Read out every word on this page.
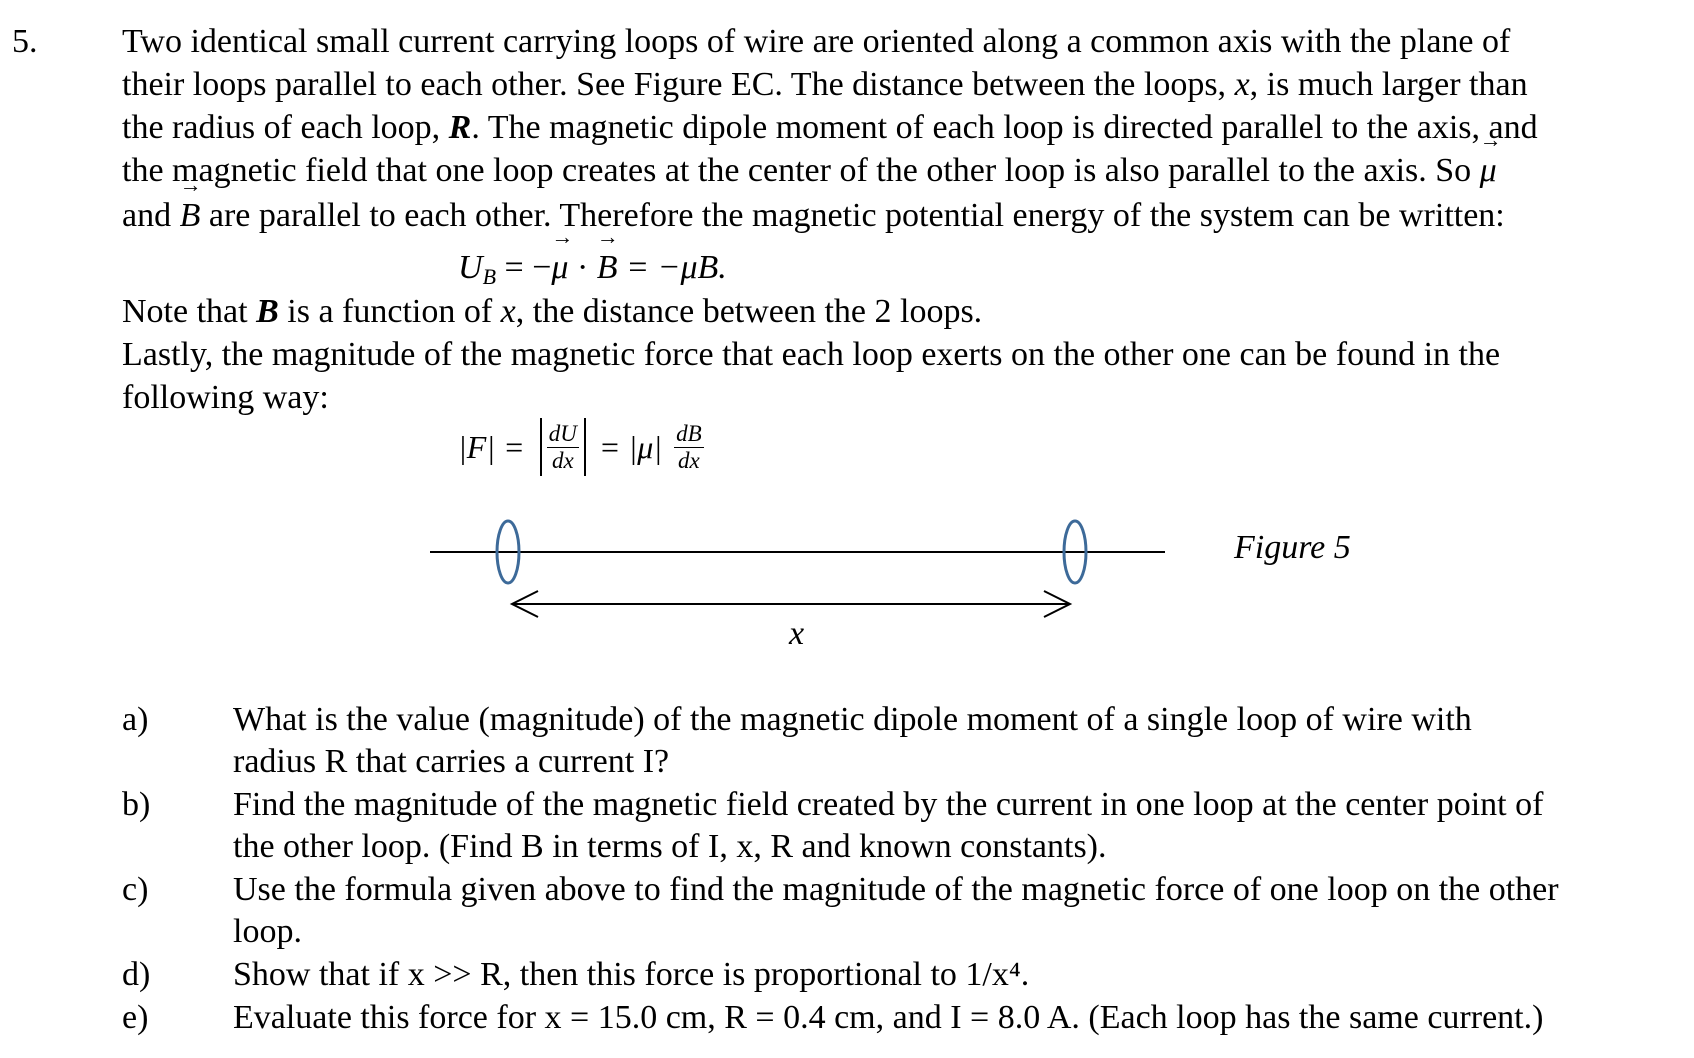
5. Two identical small current carrying loops of wire are oriented along a common axis with the plane of
their loops parallel to each other. See Figure EC. The distance between the loops, x, is much larger than
the radius of each loop, R. The magnetic dipole moment of each loop is directed parallel to the axis, and
the magnetic field that one loop creates at the center of the other loop is also parallel to the axis. So → μ
and → B are parallel to each other. Therefore the magnetic potential energy of the system can be written:
UB = −→ μ · → B = −μB.
Note that B is a function of x, the distance between the 2 loops.
Lastly, the magnitude of the magnetic force that each loop exerts on the other one can be found in the
following way:
$|F| = \frac{dU}{dx} = |\mu| \frac{dB}{dx}$
Figure 5
x
a) What is the value (magnitude) of the magnetic dipole moment of a single loop of wire with
radius R that carries a current I?
b) Find the magnitude of the magnetic field created by the current in one loop at the center point of
the other loop. (Find B in terms of I, x, R and known constants).
c) Use the formula given above to find the magnitude of the magnetic force of one loop on the other
loop.
d) Show that if x >> R, then this force is proportional to 1/x⁴.
e) Evaluate this force for x = 15.0 cm, R = 0.4 cm, and I = 8.0 A. (Each loop has the same current.)
